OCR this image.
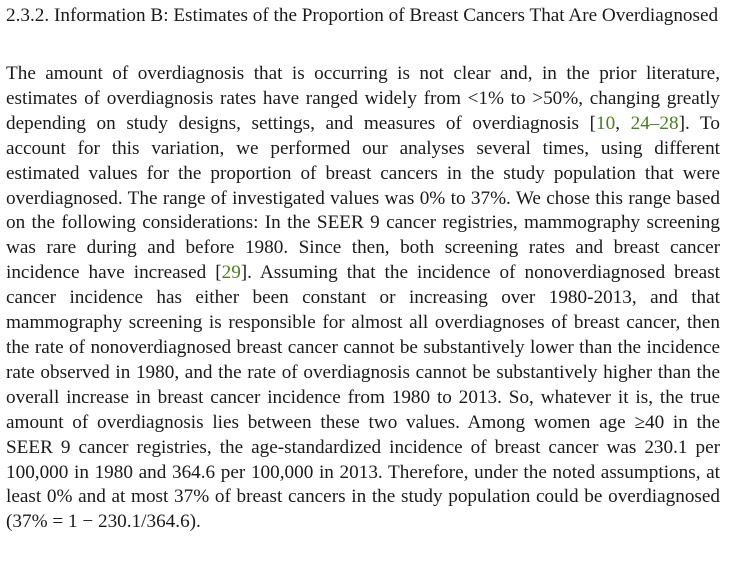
2.3.2. Information B: Estimates of the Proportion of Breast Cancers That Are Overdiagnosed

The amount of overdiagnosis that is occurring is not clear and, in the prior literature, estimates of overdiagnosis rates have ranged widely from <1% to >50%, changing greatly depending on study designs, settings, and measures of overdiagnosis [10, 24–28]. To account for this variation, we performed our analyses several times, using different estimated values for the proportion of breast cancers in the study population that were overdiagnosed. The range of investigated values was 0% to 37%. We chose this range based on the following considerations: In the SEER 9 cancer registries, mammography screening was rare during and before 1980. Since then, both screening rates and breast cancer incidence have increased [29]. Assuming that the incidence of nonoverdiagnosed breast cancer incidence has either been constant or increasing over 1980-2013, and that mammography screening is responsible for almost all overdiagnoses of breast cancer, then the rate of nonoverdiagnosed breast cancer cannot be substantively lower than the incidence rate observed in 1980, and the rate of overdiagnosis cannot be substantively higher than the overall increase in breast cancer incidence from 1980 to 2013. So, whatever it is, the true amount of overdiagnosis lies between these two values. Among women age ≥40 in the SEER 9 cancer registries, the age-standardized incidence of breast cancer was 230.1 per 100,000 in 1980 and 364.6 per 100,000 in 2013. Therefore, under the noted assumptions, at least 0% and at most 37% of breast cancers in the study population could be overdiagnosed (37% = 1 − 230.1/364.6).
